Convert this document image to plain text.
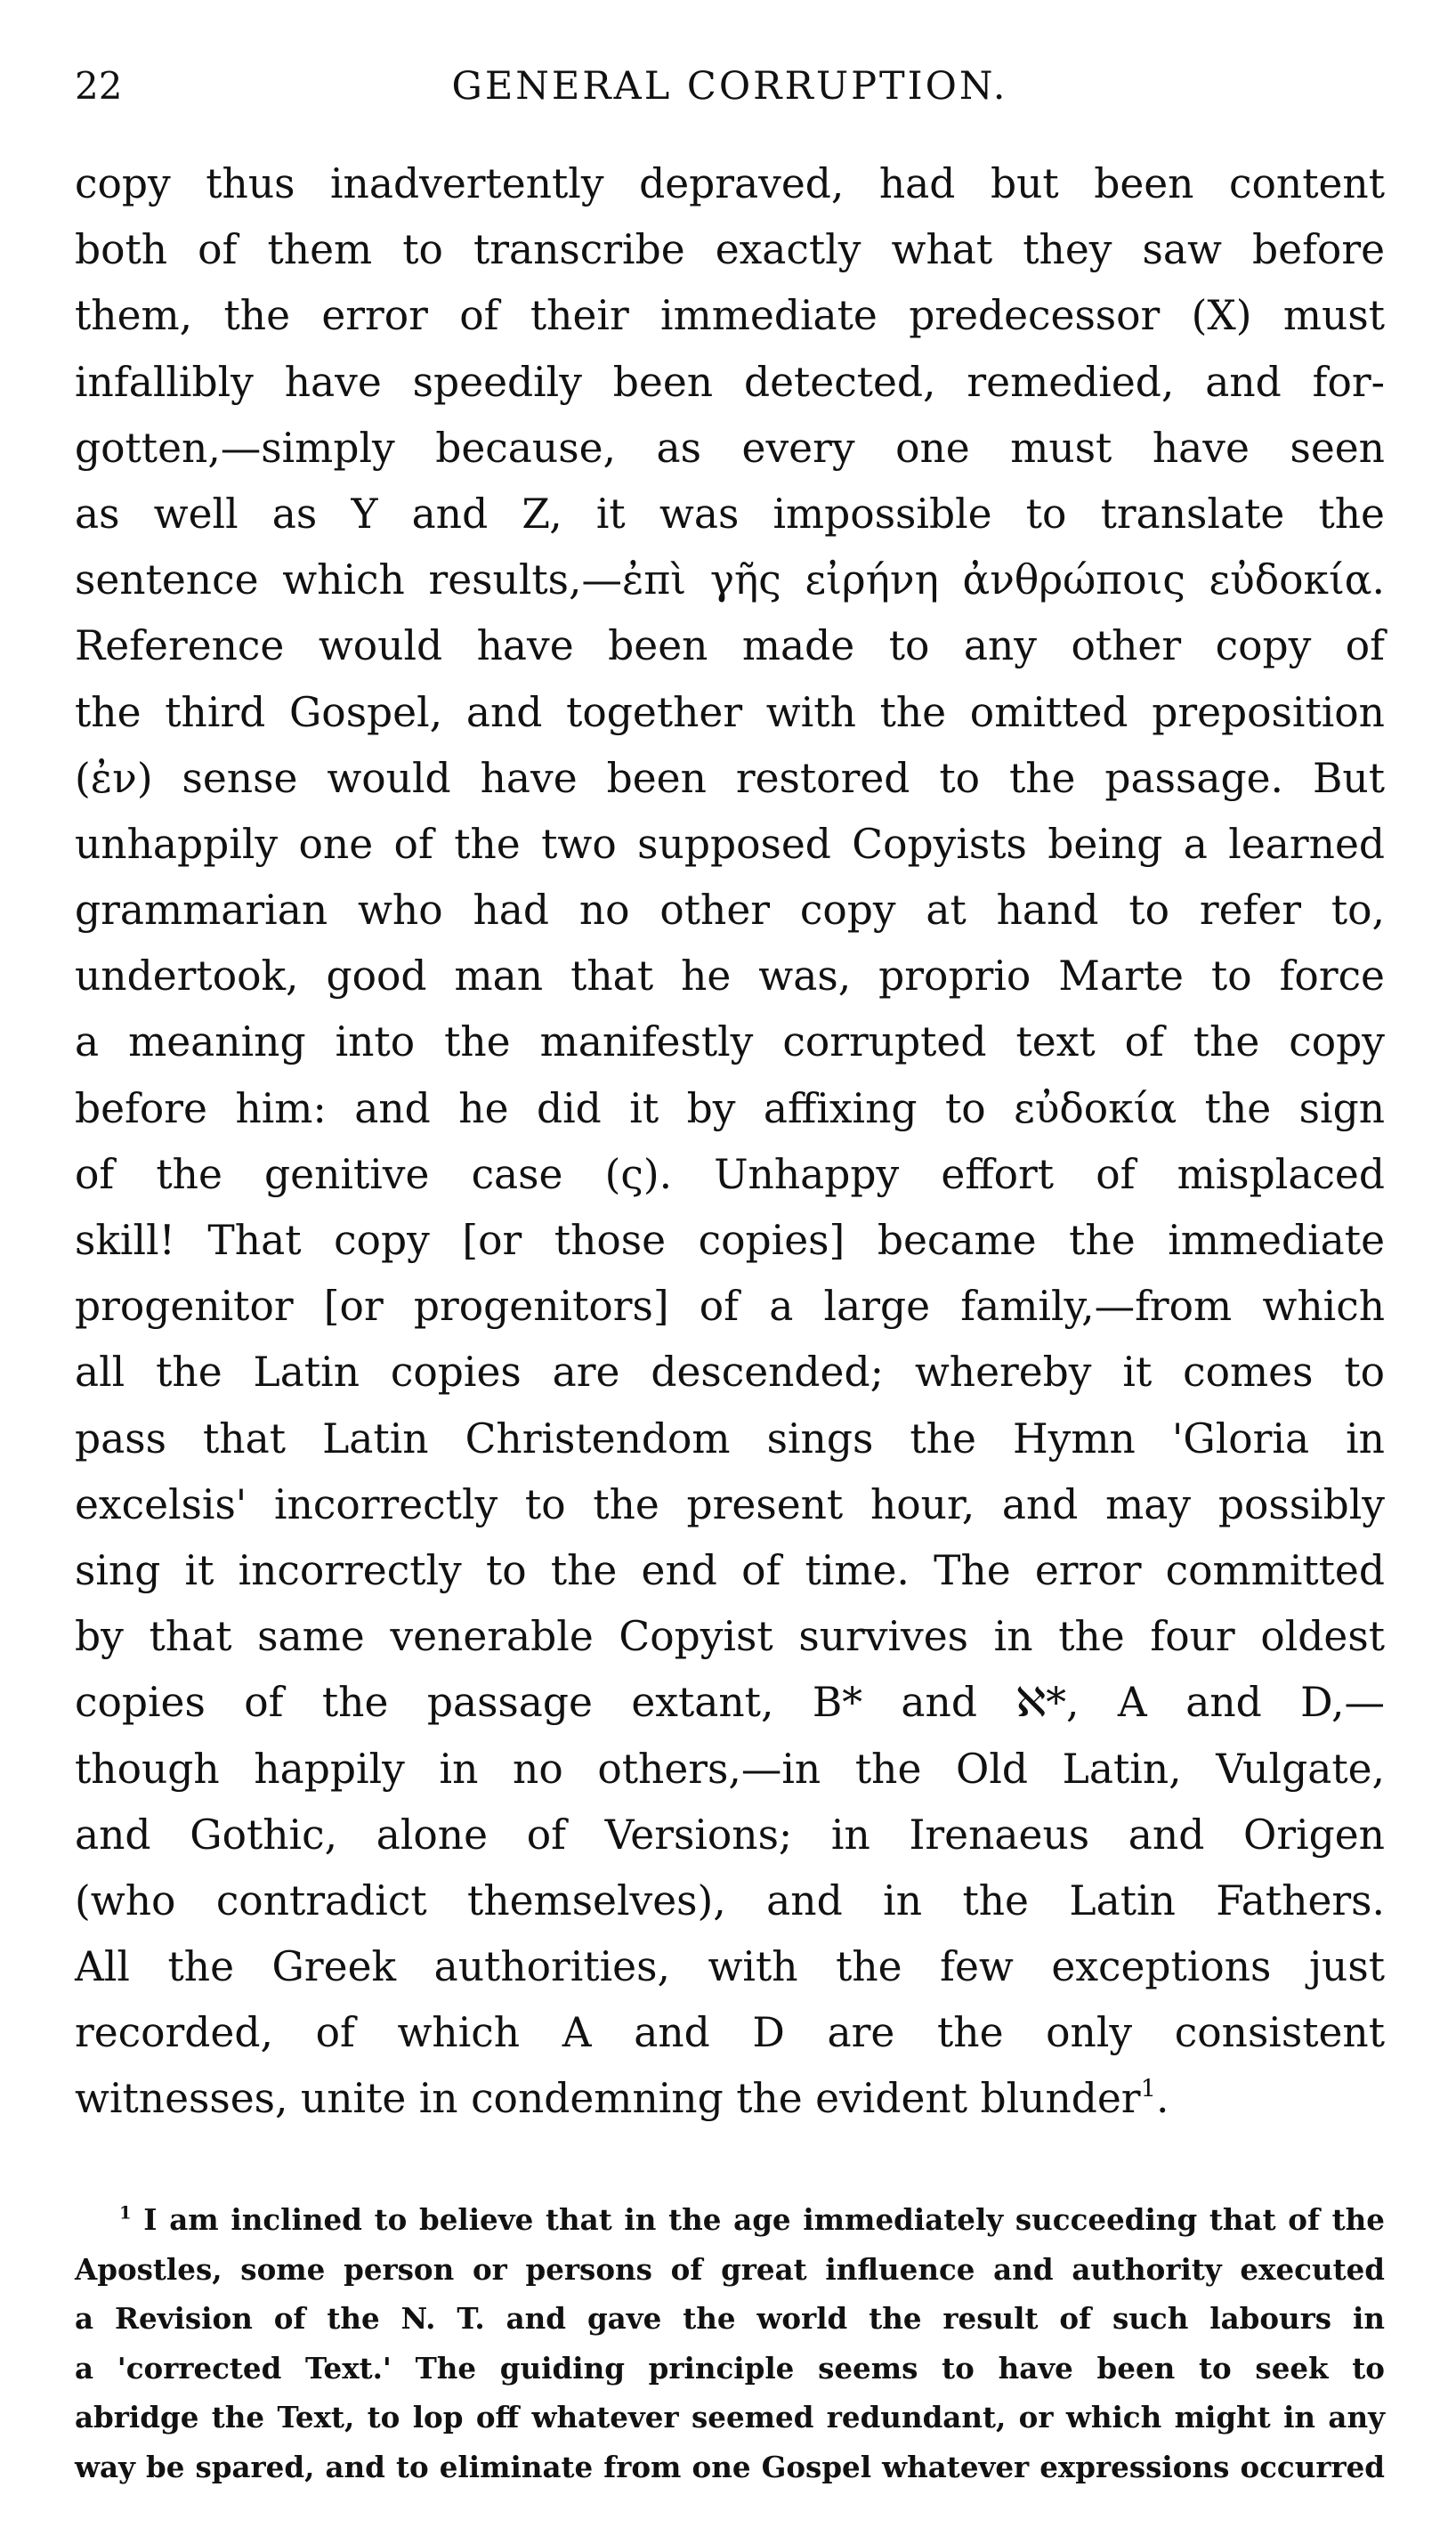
22	GENERAL CORRUPTION.
copy thus inadvertently depraved, had but been content
both of them to transcribe exactly what they saw before
them, the error of their immediate predecessor (X) must
infallibly have speedily been detected, remedied, and for-
gotten,—simply because, as every one must have seen
as well as Y and Z, it was impossible to translate the
sentence which results,—ἐπὶ γῆς εἰρήνη ἀνθρώποις εὐδοκία.
Reference would have been made to any other copy of
the third Gospel, and together with the omitted preposition
(ἐν) sense would have been restored to the passage. But
unhappily one of the two supposed Copyists being a learned
grammarian who had no other copy at hand to refer to,
undertook, good man that he was, proprio Marte to force
a meaning into the manifestly corrupted text of the copy
before him: and he did it by affixing to εὐδοκία the sign
of the genitive case (ς). Unhappy effort of misplaced
skill! That copy [or those copies] became the immediate
progenitor [or progenitors] of a large family,—from which
all the Latin copies are descended; whereby it comes to
pass that Latin Christendom sings the Hymn 'Gloria in
excelsis' incorrectly to the present hour, and may possibly
sing it incorrectly to the end of time. The error committed
by that same venerable Copyist survives in the four oldest
copies of the passage extant, B* and ℵ*, A and D,—
though happily in no others,—in the Old Latin, Vulgate,
and Gothic, alone of Versions; in Irenaeus and Origen
(who contradict themselves), and in the Latin Fathers.
All the Greek authorities, with the few exceptions just
recorded, of which A and D are the only consistent
witnesses, unite in condemning the evident blunder$^1$.
$^1$ I am inclined to believe that in the age immediately succeeding that of the
Apostles, some person or persons of great influence and authority executed
a Revision of the N. T. and gave the world the result of such labours in
a 'corrected Text.' The guiding principle seems to have been to seek to
abridge the Text, to lop off whatever seemed redundant, or which might in any
way be spared, and to eliminate from one Gospel whatever expressions occurred
